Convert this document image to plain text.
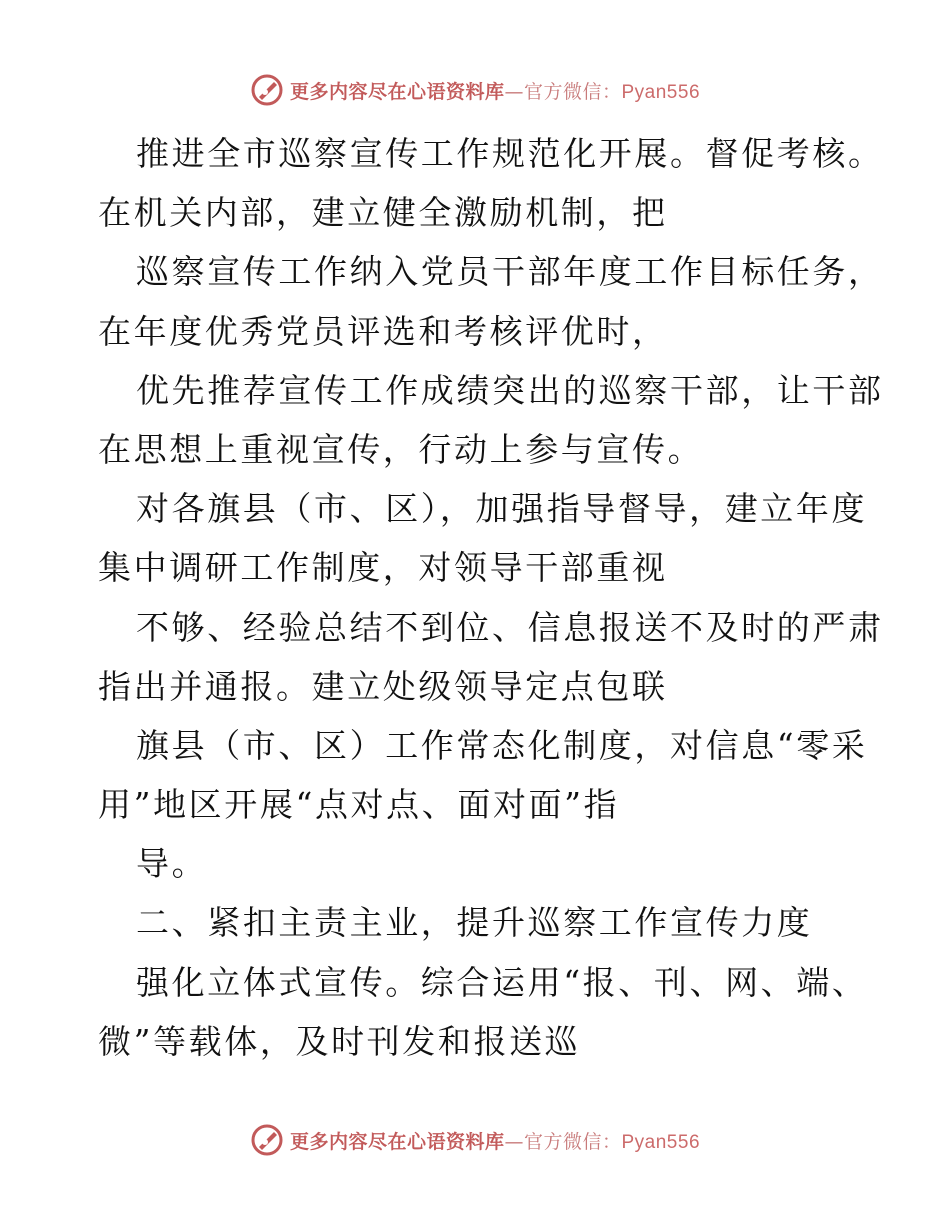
更多内容尽在心语资料库—官方微信：Pyan556
推进全市巡察宣传工作规范化开展。督促考核。
在机关内部，建立健全激励机制，把
巡察宣传工作纳入党员干部年度工作目标任务，
在年度优秀党员评选和考核评优时，
优先推荐宣传工作成绩突出的巡察干部，让干部
在思想上重视宣传，行动上参与宣传。
对各旗县（市、区），加强指导督导，建立年度
集中调研工作制度，对领导干部重视
不够、经验总结不到位、信息报送不及时的严肃
指出并通报。建立处级领导定点包联
旗县（市、区）工作常态化制度，对信息“零采
用”地区开展“点对点、面对面”指
导。
二、紧扣主责主业，提升巡察工作宣传力度
强化立体式宣传。综合运用“报、刊、网、端、
微”等载体，及时刊发和报送巡
更多内容尽在心语资料库—官方微信：Pyan556
